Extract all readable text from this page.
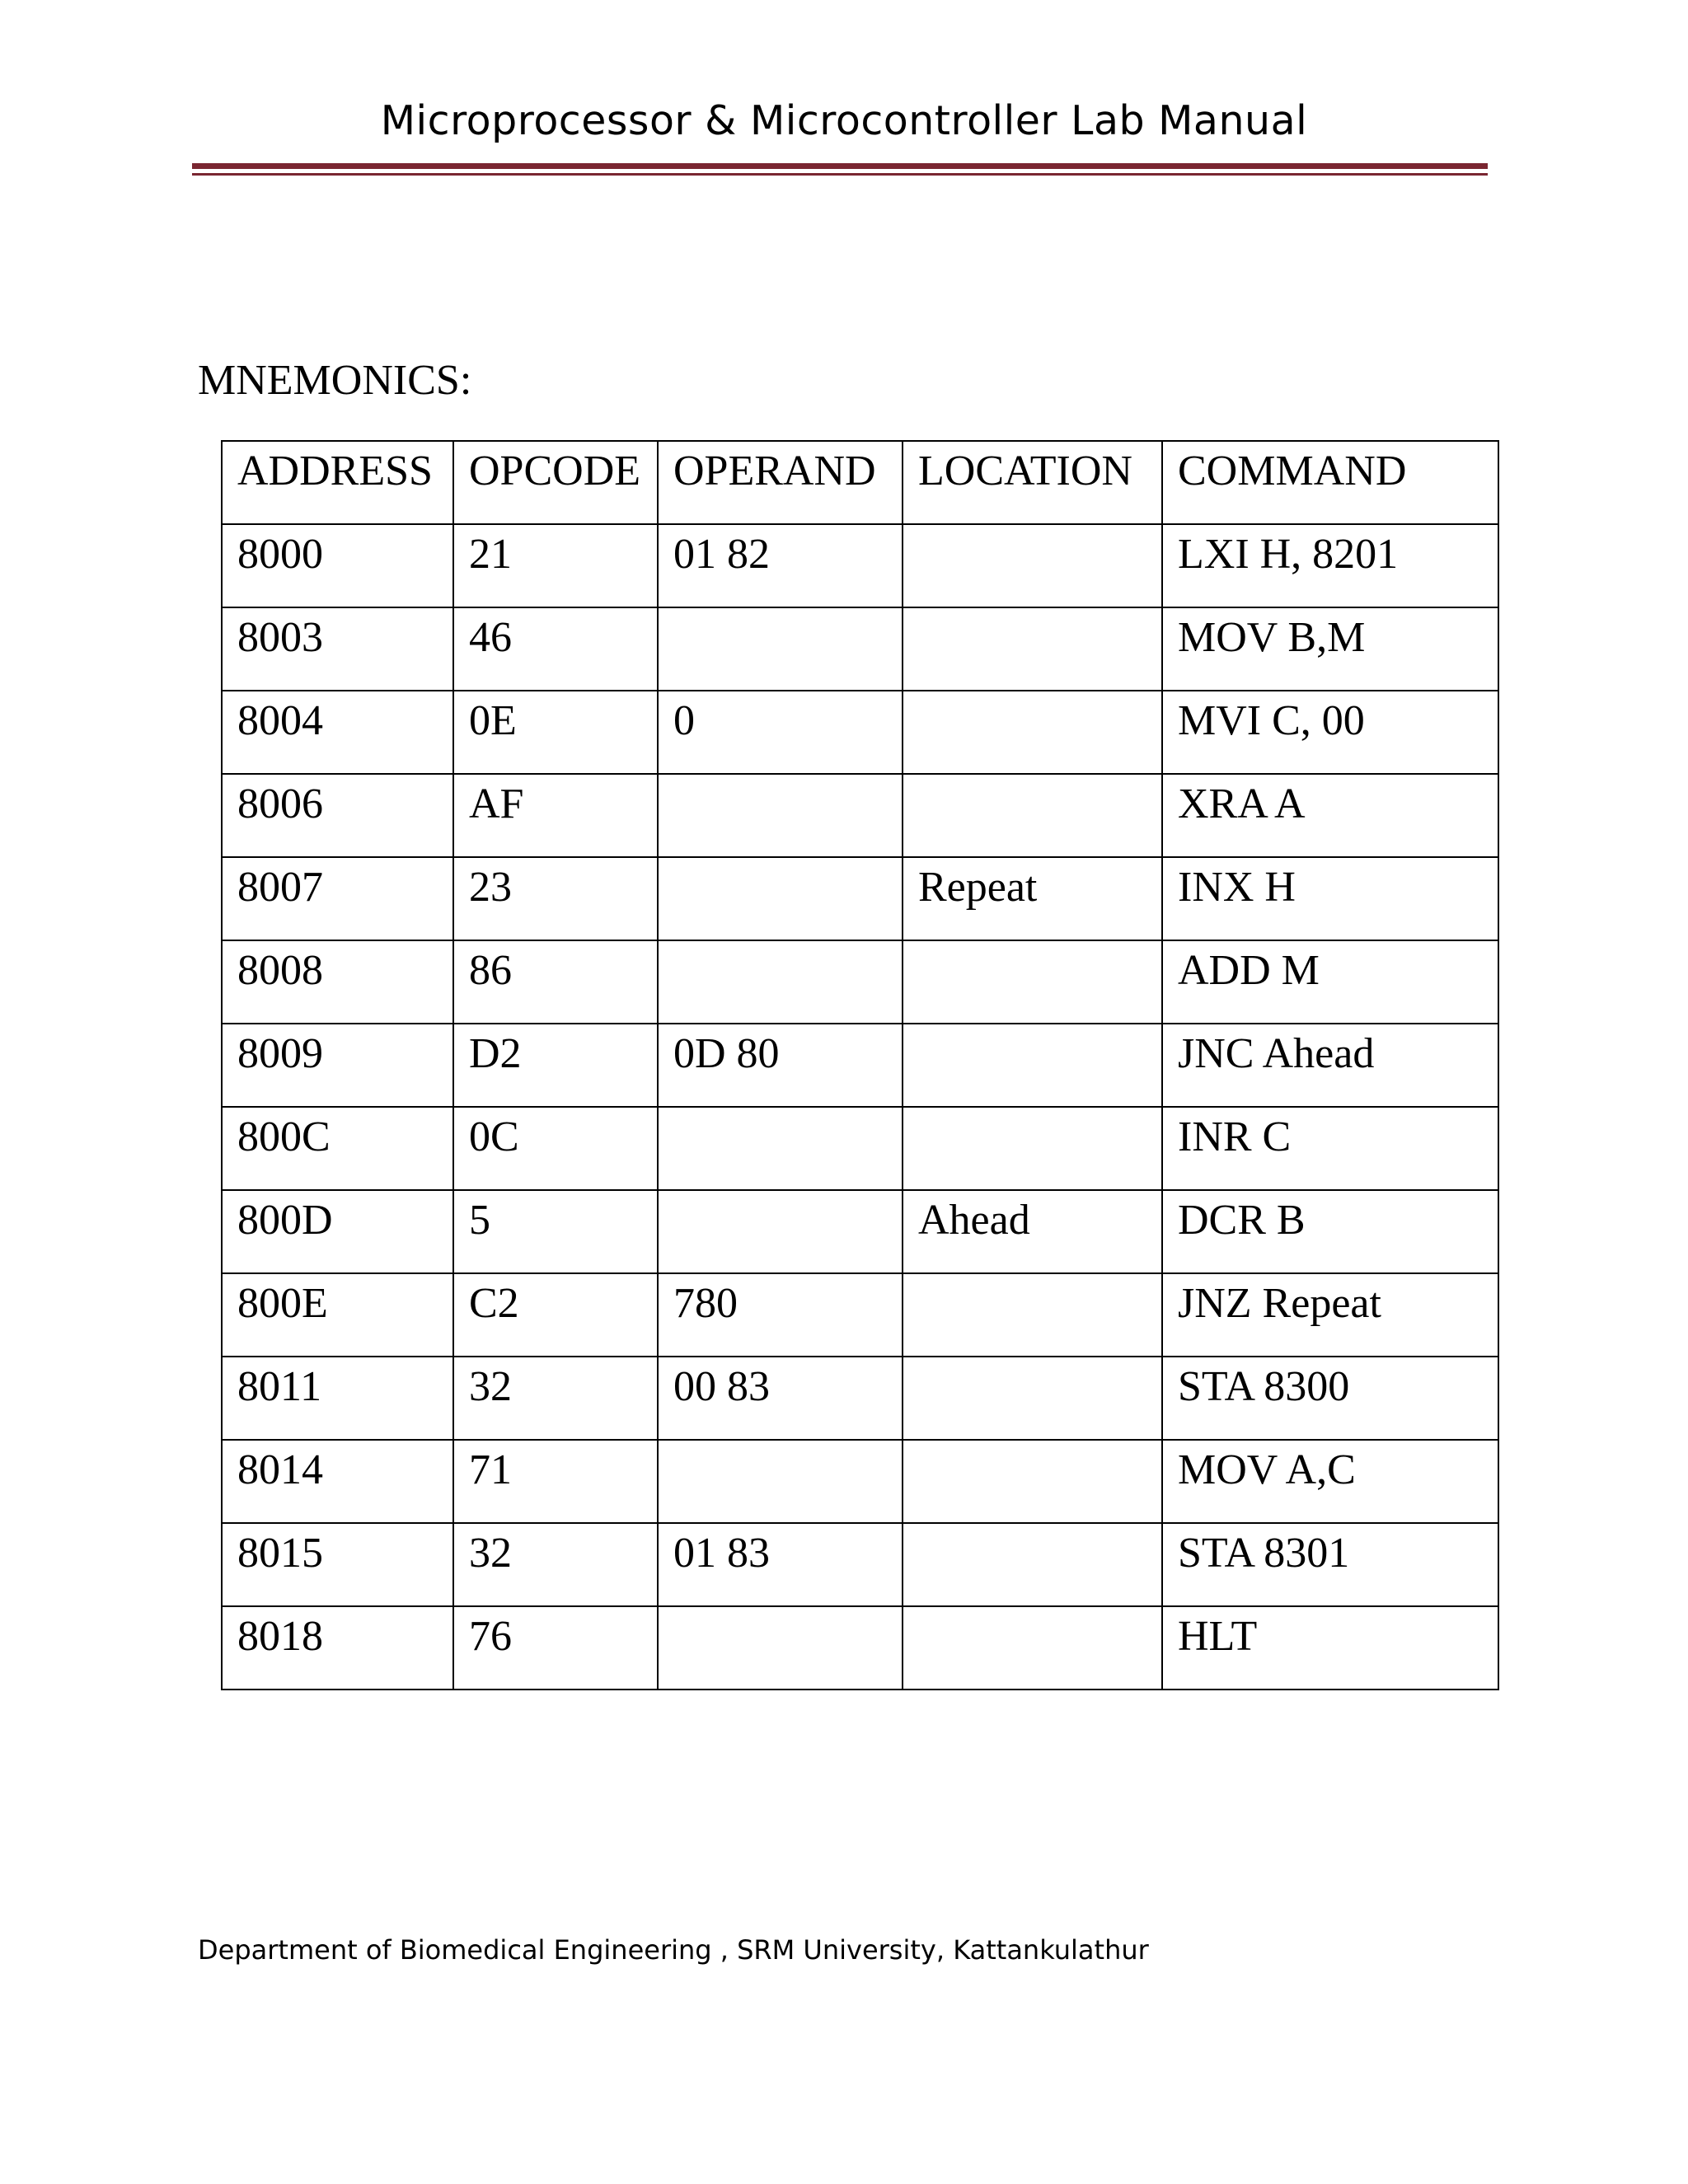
Microprocessor & Microcontroller Lab Manual
MNEMONICS:
ADDRESS	OPCODE	OPERAND	LOCATION	COMMAND

8000	21	01 82		LXI H, 8201

8003	46			MOV B,M

8004	0E	0		MVI C, 00

8006	AF			XRA A

8007	23		Repeat	INX H

8008	86			ADD M

8009	D2	0D 80		JNC Ahead

800C	0C			INR C

800D	5		Ahead	DCR B

800E	C2	780		JNZ Repeat

8011	32	00 83		STA 8300

8014	71			MOV A,C

8015	32	01 83		STA 8301

8018	76			HLT
Department of Biomedical Engineering , SRM University, Kattankulathur
